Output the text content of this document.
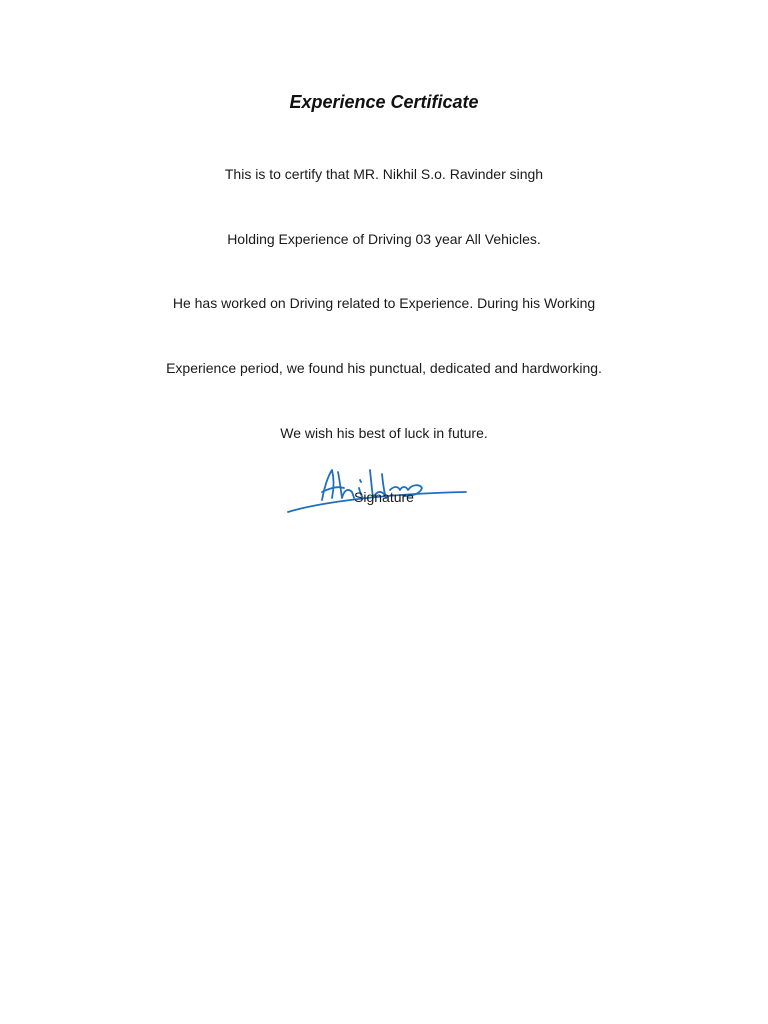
Experience Certificate
This is to certify that MR. Nikhil S.o. Ravinder singh
Holding Experience of Driving 03 year All Vehicles.
He has worked on Driving related to Experience. During his Working
Experience period, we found his punctual, dedicated and hardworking.
We wish his best of luck in future.
Signature
